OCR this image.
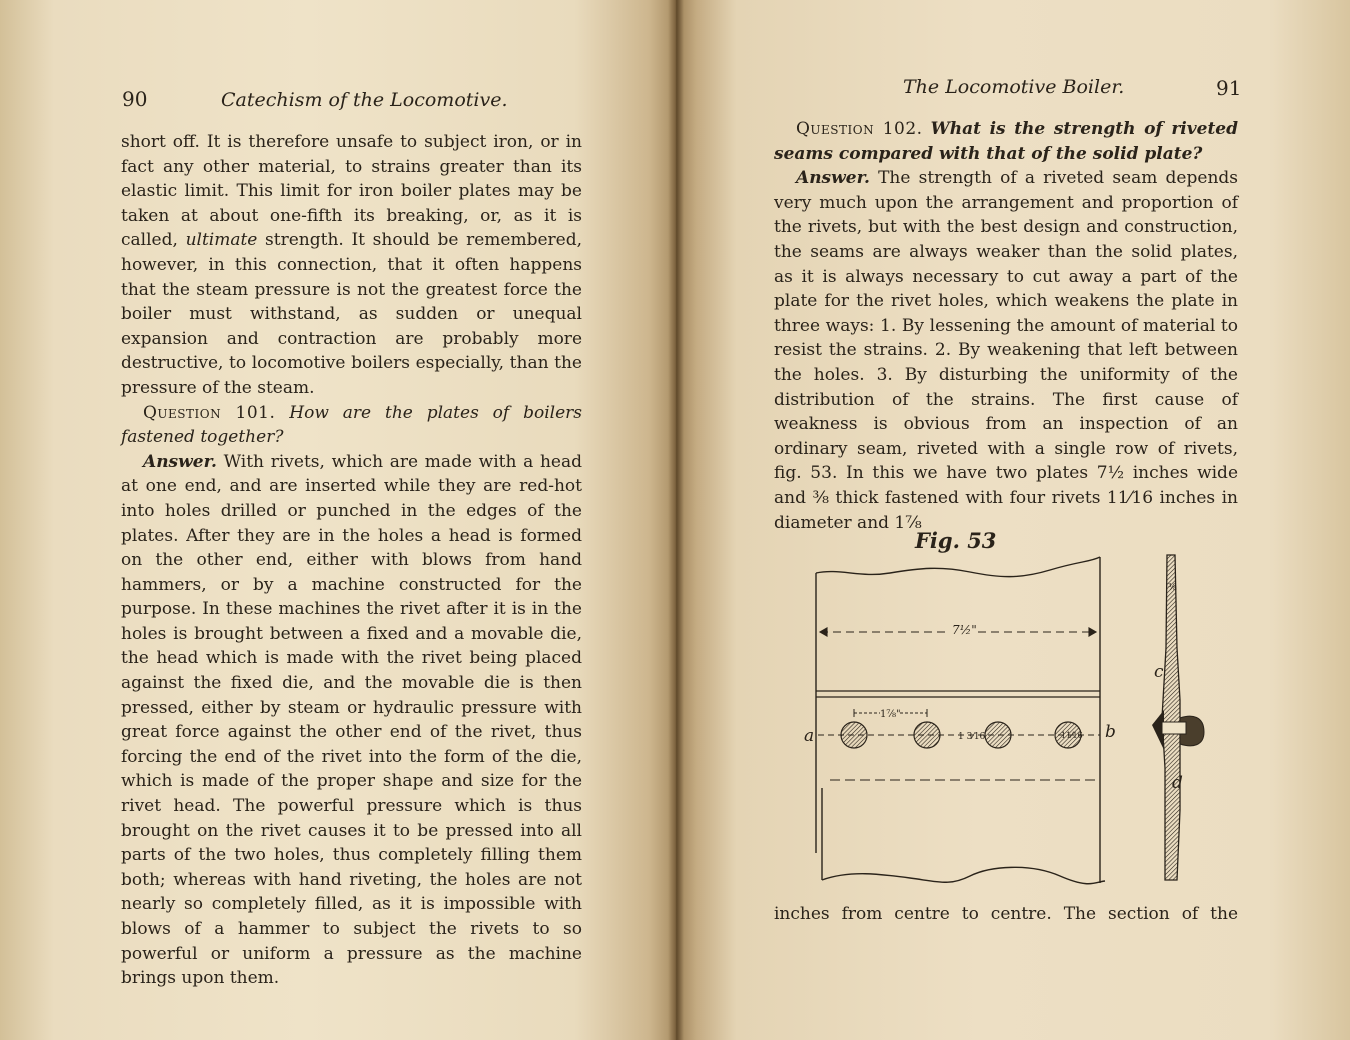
90	Catechism of the Locomotive.

short off. It is therefore unsafe to subject iron, or in fact any other material, to strains greater than its elastic limit. This limit for iron boiler plates may be taken at about one-fifth its breaking, or, as it is called, ultimate strength. It should be remembered, however, in this connection, that it often happens that the steam pressure is not the greatest force the boiler must withstand, as sudden or unequal expansion and contraction are probably more destructive, to locomotive boilers especially, than the pressure of the steam.

Question 101. How are the plates of boilers fastened together?

Answer. With rivets, which are made with a head at one end, and are inserted while they are red-hot into holes drilled or punched in the edges of the plates. After they are in the holes a head is formed on the other end, either with blows from hand hammers, or by a machine constructed for the purpose. In these machines the rivet after it is in the holes is brought between a fixed and a movable die, the head which is made with the rivet being placed against the fixed die, and the movable die is then pressed, either by steam or hydraulic pressure with great force against the other end of the rivet, thus forcing the end of the rivet into the form of the die, which is made of the proper shape and size for the rivet head. The powerful pressure which is thus brought on the rivet causes it to be pressed into all parts of the two holes, thus completely filling them both; whereas with hand riveting, the holes are not nearly so completely filled, as it is impossible with blows of a hammer to subject the rivets to so powerful or uniform a pressure as the machine brings upon them.

The Locomotive Boiler.	91

Question 102. What is the strength of riveted seams compared with that of the solid plate?

Answer. The strength of a riveted seam depends very much upon the arrangement and proportion of the rivets, but with the best design and construction, the seams are always weaker than the solid plates, as it is always necessary to cut away a part of the plate for the rivet holes, which weakens the plate in three ways: 1. By lessening the amount of material to resist the strains. 2. By weakening that left between the holes. 3. By disturbing the uniformity of the distribution of the strains. The first cause of weakness is obvious from an inspection of an ordinary seam, riveted with a single row of rivets, fig. 53. In this we have two plates 7½ inches wide and ⅜ thick fastened with four rivets 11⁄16 inches in diameter and 1⅞

Fig. 53
7½"
1⅞"
1 3⁄16	11⁄16
a	b
⅜
c
d
inches from centre to centre. The section of the
